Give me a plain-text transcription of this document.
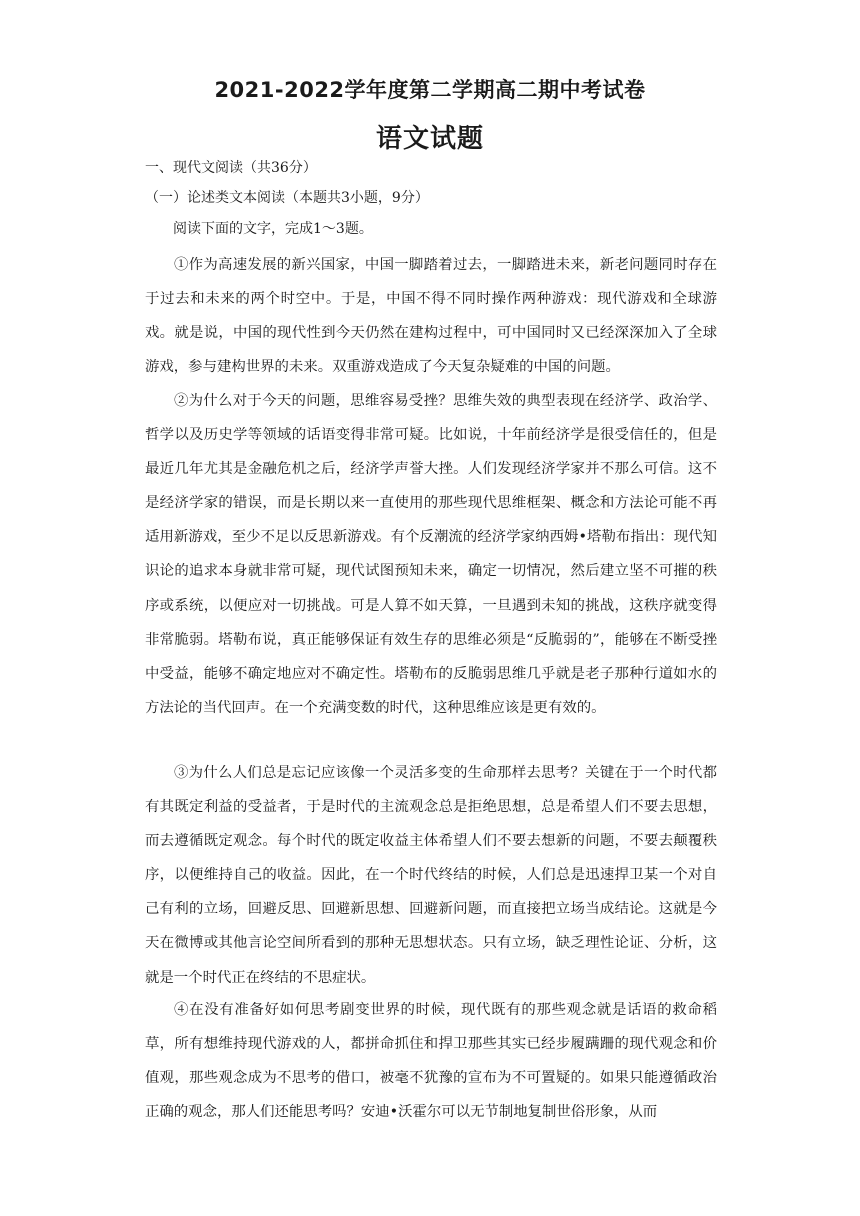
2021-2022学年度第二学期高二期中考试卷
语文试题
一、现代文阅读（共36分）
（一）论述类文本阅读（本题共3小题，9分）
阅读下面的文字，完成1～3题。

①作为高速发展的新兴国家，中国一脚踏着过去，一脚踏进未来，新老问题同时存在于过去和未来的两个时空中。于是，中国不得不同时操作两种游戏：现代游戏和全球游戏。就是说，中国的现代性到今天仍然在建构过程中，可中国同时又已经深深加入了全球游戏，参与建构世界的未来。双重游戏造成了今天复杂疑难的中国的问题。

②为什么对于今天的问题，思维容易受挫？思维失效的典型表现在经济学、政治学、哲学以及历史学等领域的话语变得非常可疑。比如说，十年前经济学是很受信任的，但是最近几年尤其是金融危机之后，经济学声誉大挫。人们发现经济学家并不那么可信。这不是经济学家的错误，而是长期以来一直使用的那些现代思维框架、概念和方法论可能不再适用新游戏，至少不足以反思新游戏。有个反潮流的经济学家纳西姆•塔勒布指出：现代知识论的追求本身就非常可疑，现代试图预知未来，确定一切情况，然后建立坚不可摧的秩序或系统，以便应对一切挑战。可是人算不如天算，一旦遇到未知的挑战，这秩序就变得非常脆弱。塔勒布说，真正能够保证有效生存的思维必须是“反脆弱的”，能够在不断受挫中受益，能够不确定地应对不确定性。塔勒布的反脆弱思维几乎就是老子那种行道如水的方法论的当代回声。在一个充满变数的时代，这种思维应该是更有效的。

③为什么人们总是忘记应该像一个灵活多变的生命那样去思考？关键在于一个时代都有其既定利益的受益者，于是时代的主流观念总是拒绝思想，总是希望人们不要去思想，而去遵循既定观念。每个时代的既定收益主体希望人们不要去想新的问题，不要去颠覆秩序，以便维持自己的收益。因此，在一个时代终结的时候，人们总是迅速捍卫某一个对自己有利的立场，回避反思、回避新思想、回避新问题，而直接把立场当成结论。这就是今天在微博或其他言论空间所看到的那种无思想状态。只有立场，缺乏理性论证、分析，这就是一个时代正在终结的不思症状。

④在没有准备好如何思考剧变世界的时候，现代既有的那些观念就是话语的救命稻草，所有想维持现代游戏的人，都拼命抓住和捍卫那些其实已经步履蹒跚的现代观念和价值观，那些观念成为不思考的借口，被毫不犹豫的宣布为不可置疑的。如果只能遵循政治正确的观念，那人们还能思考吗？安迪•沃霍尔可以无节制地复制世俗形象，从而
